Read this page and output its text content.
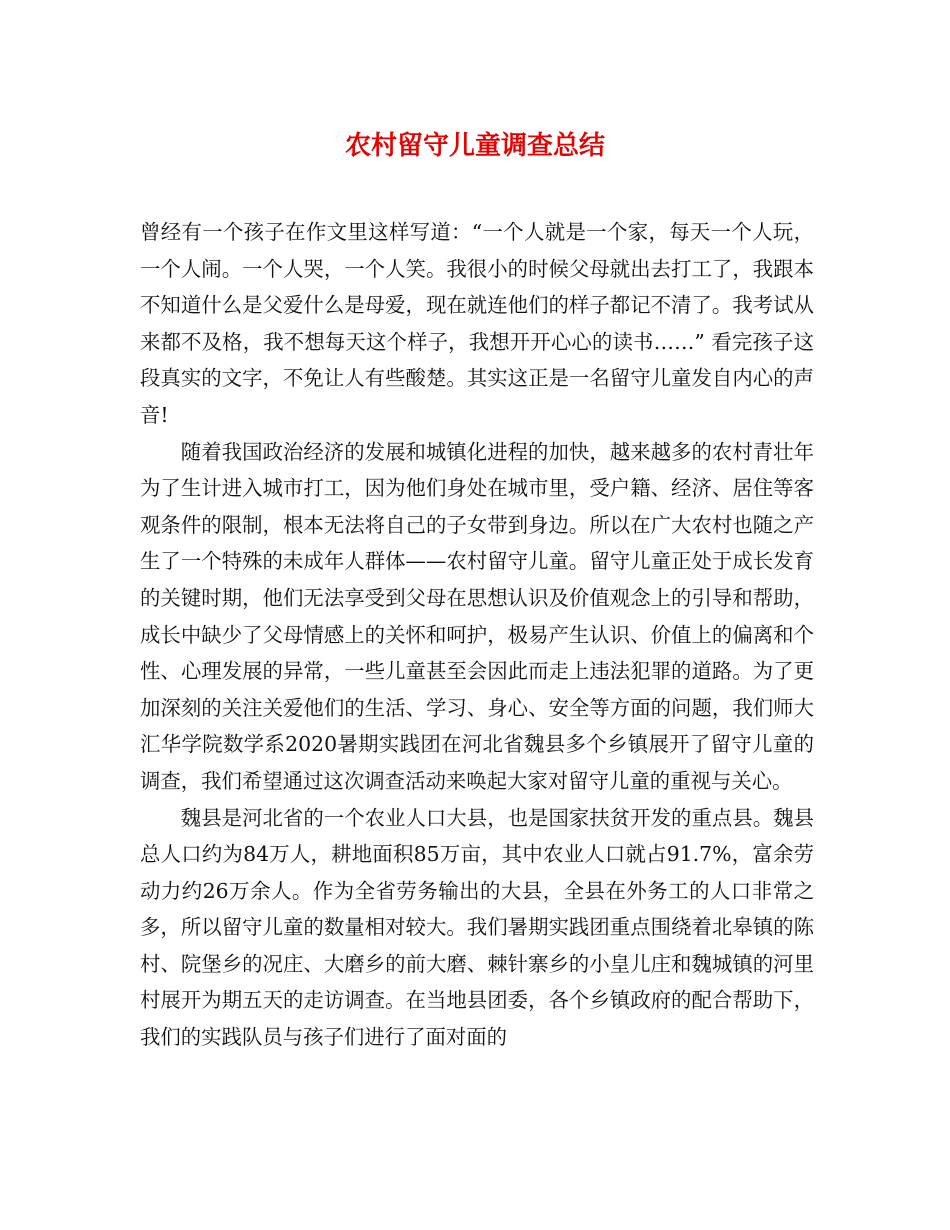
农村留守儿童调查总结

曾经有一个孩子在作文里这样写道：“一个人就是一个家，每天一个人玩，一个人闹。一个人哭，一个人笑。我很小的时候父母就出去打工了，我跟本不知道什么是父爱什么是母爱，现在就连他们的样子都记不清了。我考试从来都不及格，我不想每天这个样子，我想开开心心的读书……” 看完孩子这段真实的文字，不免让人有些酸楚。其实这正是一名留守儿童发自内心的声音!

随着我国政治经济的发展和城镇化进程的加快，越来越多的农村青壮年为了生计进入城市打工，因为他们身处在城市里，受户籍、经济、居住等客观条件的限制，根本无法将自己的子女带到身边。所以在广大农村也随之产生了一个特殊的未成年人群体——农村留守儿童。留守儿童正处于成长发育的关键时期，他们无法享受到父母在思想认识及价值观念上的引导和帮助，成长中缺少了父母情感上的关怀和呵护，极易产生认识、价值上的偏离和个性、心理发展的异常，一些儿童甚至会因此而走上违法犯罪的道路。为了更加深刻的关注关爱他们的生活、学习、身心、安全等方面的问题，我们师大汇华学院数学系2020暑期实践团在河北省魏县多个乡镇展开了留守儿童的调查，我们希望通过这次调查活动来唤起大家对留守儿童的重视与关心。

魏县是河北省的一个农业人口大县，也是国家扶贫开发的重点县。魏县总人口约为84万人，耕地面积85万亩，其中农业人口就占91.7%，富余劳动力约26万余人。作为全省劳务输出的大县，全县在外务工的人口非常之多，所以留守儿童的数量相对较大。我们暑期实践团重点围绕着北皋镇的陈村、院堡乡的况庄、大磨乡的前大磨、棘针寨乡的小皇儿庄和魏城镇的河里村展开为期五天的走访调查。在当地县团委，各个乡镇政府的配合帮助下，我们的实践队员与孩子们进行了面对面的
